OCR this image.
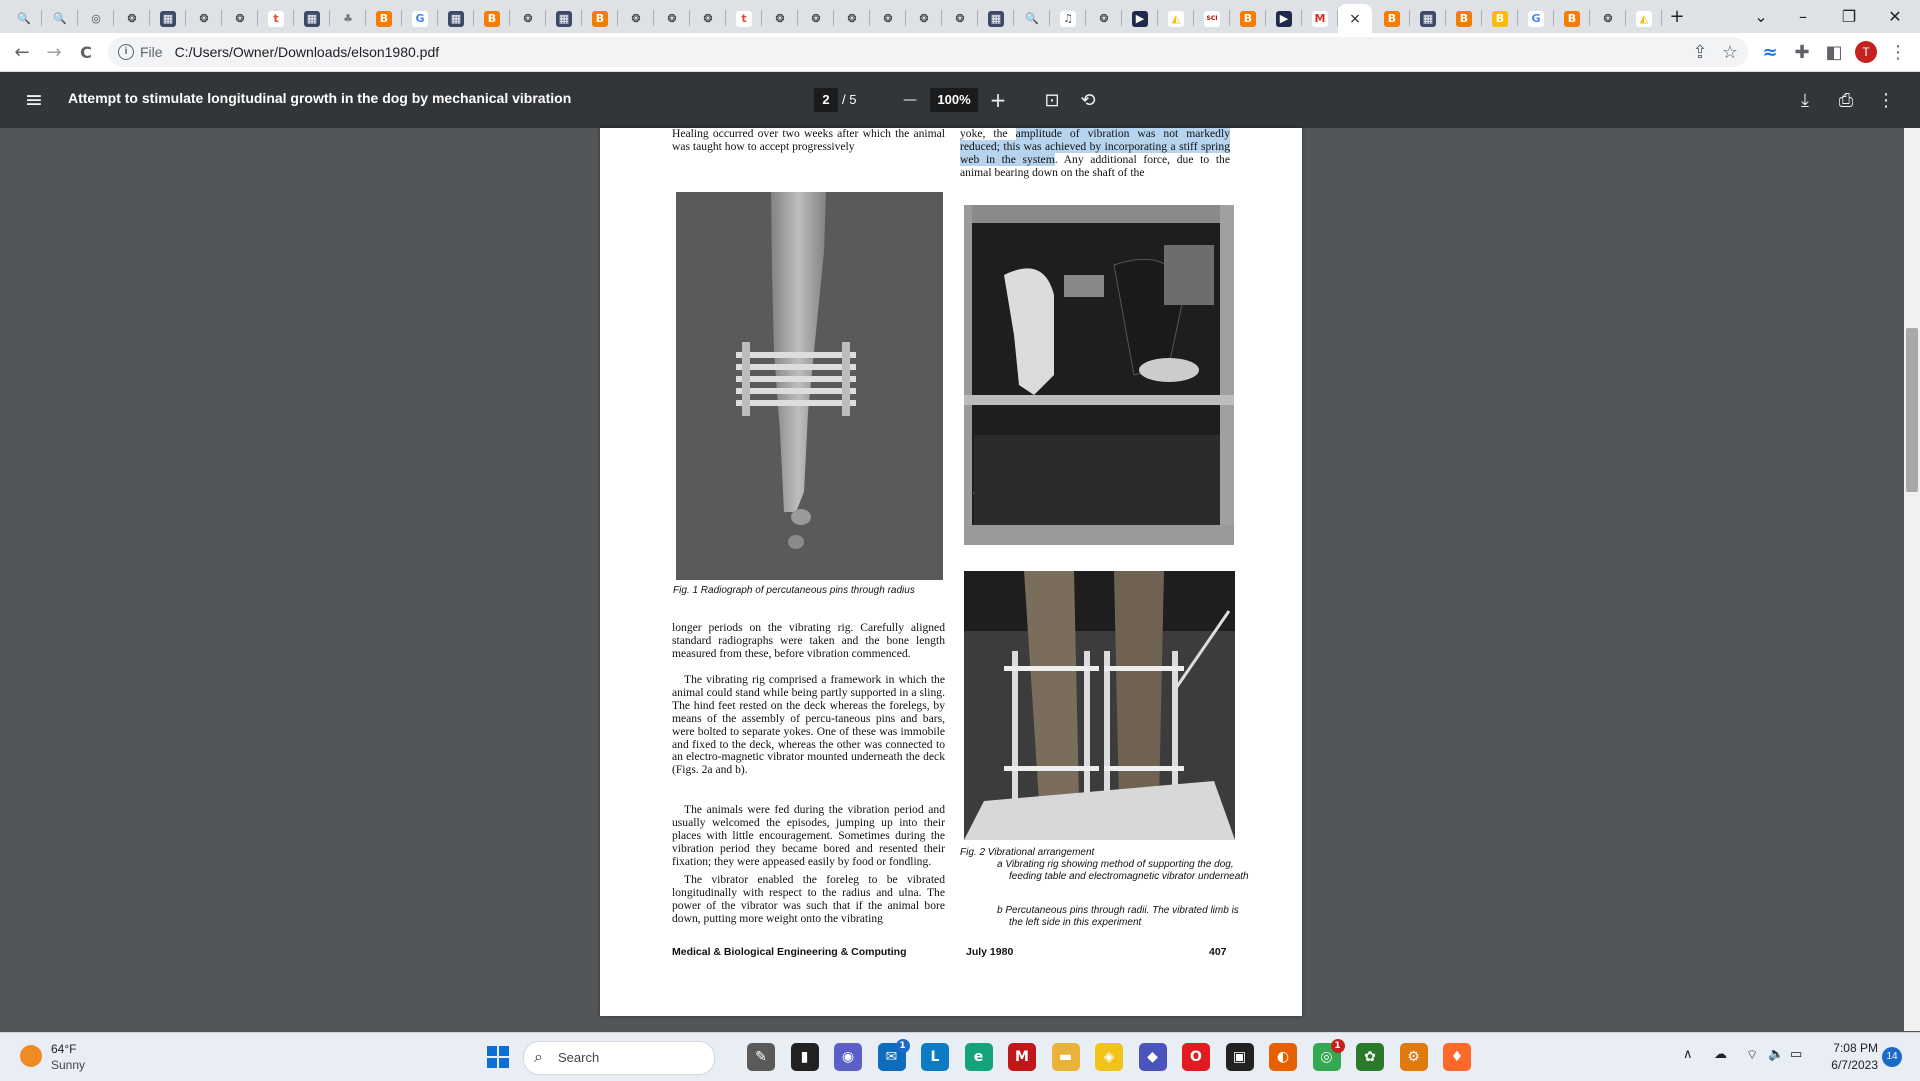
🔍 🔍 ◎	❂	▦	❂	❂	t	▦ ♣	B	G	▦	B	❂	▦	B	❂	❂	❂	t	❂	❂	❂	❂	❂	❂	▦ 🔍 ♫	❂	▶	◭	SCI	B	▶	M ×	B	▦	B	B	G	B	❂	◭	+	⌄	–	❐	✕
← →	C	i File C:/Users/Owner/Downloads/elson1980.pdf	⇪ ☆	≈ ✚ ◧	T	⋮
≡ Attempt to stimulate longitudinal growth in the dog by mechanical vibration	2 / 5	—	100% + ⊡ ⟲	⤓	⎙ ⋮
Healing occurred over two weeks after which the animal was taught how to accept progressively
yoke, the amplitude of vibration was not markedly reduced; this was achieved by incorporating a stiff spring web in the system. Any additional force, due to the animal bearing down on the shaft of the
Fig. 1 Radiograph of percutaneous pins through radius
Fig. 2 Vibrational arrangement
a Vibrating rig showing method of supporting the dog, feeding table and electromagnetic vibrator underneath
b Percutaneous pins through radii. The vibrated limb is the left side in this experiment
longer periods on the vibrating rig. Carefully aligned standard radiographs were taken and the bone length measured from these, before vibration commenced.
The vibrating rig comprised a framework in which the animal could stand while being partly supported in a sling. The hind feet rested on the deck whereas the forelegs, by means of the assembly of percu-taneous pins and bars, were bolted to separate yokes. One of these was immobile and fixed to the deck, whereas the other was connected to an electro-magnetic vibrator mounted underneath the deck (Figs. 2a and b).
The animals were fed during the vibration period and usually welcomed the episodes, jumping up into their places with little encouragement. Sometimes during the vibration period they became bored and resented their fixation; they were appeased easily by food or fondling.
The vibrator enabled the foreleg to be vibrated longitudinally with respect to the radius and ulna. The power of the vibrator was such that if the animal bore down, putting more weight onto the vibrating
Medical & Biological Engineering & Computing	July 1980	407
64°F
Sunny	⌕ Search	✎ ▮ ◉ ✉
1
L e M ▬ ◈ ◆ O ▣ ◐ ◎
1
✿ ⚙ ♦	∧ ☁ ⌔ 🔈 ▭	7:08 PM
6/7/2023
14
